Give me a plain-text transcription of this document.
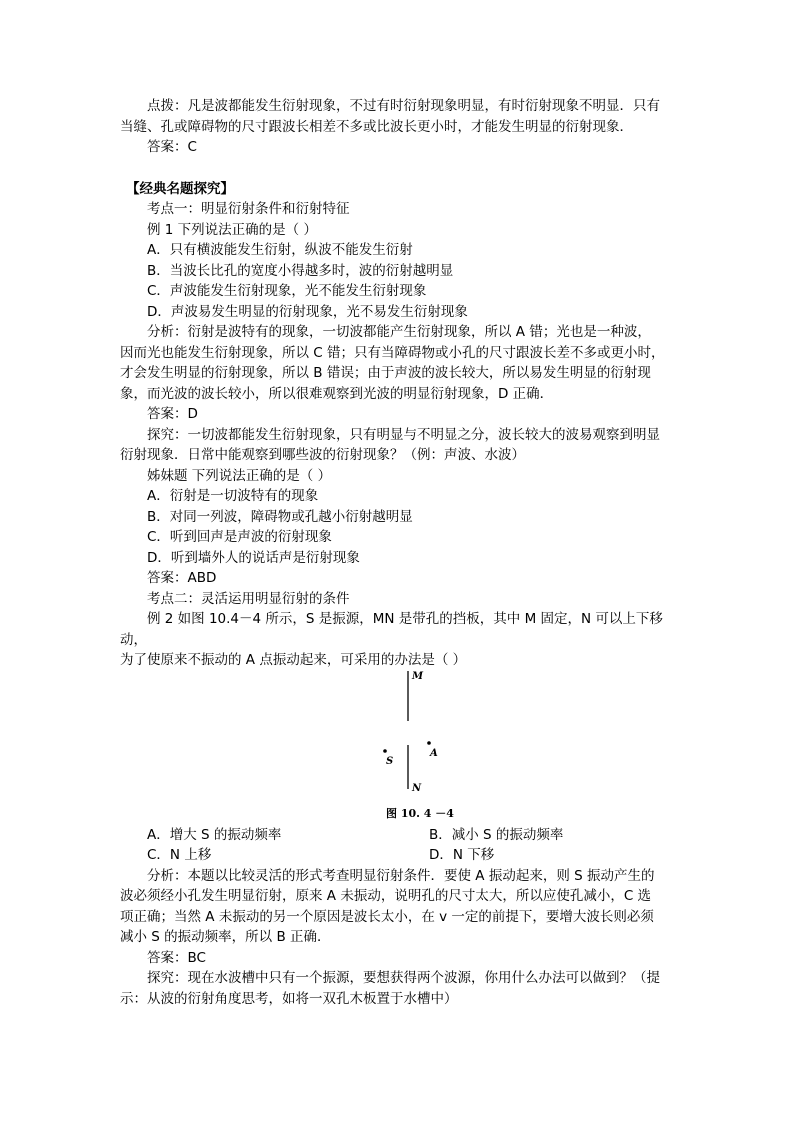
点拨：凡是波都能发生衍射现象，不过有时衍射现象明显，有时衍射现象不明显．只有

当缝、孔或障碍物的尺寸跟波长相差不多或比波长更小时，才能发生明显的衍射现象．

答案：C

【经典名题探究】

考点一：明显衍射条件和衍射特征

例 1 下列说法正确的是（ ）

A．只有横波能发生衍射，纵波不能发生衍射

B．当波长比孔的宽度小得越多时，波的衍射越明显

C．声波能发生衍射现象，光不能发生衍射现象

D．声波易发生明显的衍射现象，光不易发生衍射现象

分析：衍射是波特有的现象，一切波都能产生衍射现象，所以 A 错；光也是一种波，

因而光也能发生衍射现象，所以 C 错；只有当障碍物或小孔的尺寸跟波长差不多或更小时，

才会发生明显的衍射现象，所以 B 错误；由于声波的波长较大，所以易发生明显的衍射现

象，而光波的波长较小，所以很难观察到光波的明显衍射现象，D 正确．

答案：D

探究：一切波都能发生衍射现象，只有明显与不明显之分，波长较大的波易观察到明显

衍射现象．日常中能观察到哪些波的衍射现象？（例：声波、水波）

姊妹题 下列说法正确的是（ ）

A．衍射是一切波特有的现象

B．对同一列波，障碍物或孔越小衍射越明显

C．听到回声是声波的衍射现象

D．听到墙外人的说话声是衍射现象

答案：ABD

考点二：灵活运用明显衍射的条件

例 2 如图 10.4－4 所示，S 是振源，MN 是带孔的挡板，其中 M 固定，N 可以上下移动，

为了使原来不振动的 A 点振动起来，可采用的办法是（ ）

M
N
S
A
图 10. 4 －4
A．增大 S 的振动频率	B．减小 S 的振动频率
C．N 上移	D．N 下移

分析：本题以比较灵活的形式考查明显衍射条件．要使 A 振动起来，则 S 振动产生的

波必须经小孔发生明显衍射，原来 A 未振动，说明孔的尺寸太大，所以应使孔减小，C 选

项正确；当然 A 未振动的另一个原因是波长太小，在 v 一定的前提下，要增大波长则必须

减小 S 的振动频率，所以 B 正确．

答案：BC

探究：现在水波槽中只有一个振源，要想获得两个波源，你用什么办法可以做到？（提

示：从波的衍射角度思考，如将一双孔木板置于水槽中）
